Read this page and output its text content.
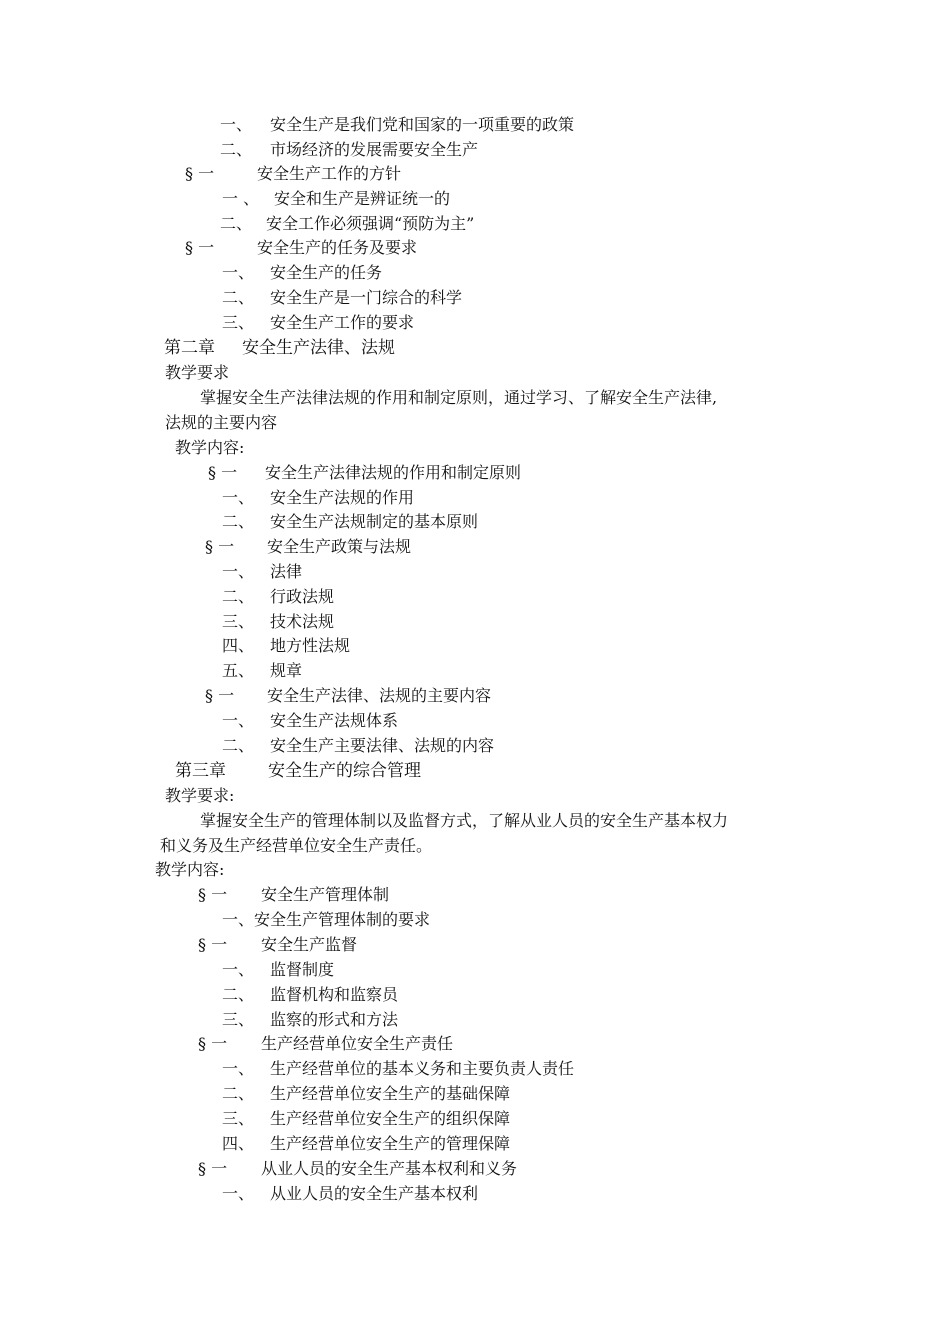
一、 安全生产是我们党和国家的一项重要的政策
二、 市场经济的发展需要安全生产
§ 一	安全生产工作的方针
一 、 安全和生产是辨证统一的
二、 安全工作必须强调“预防为主”
§ 一	安全生产的任务及要求
一、 安全生产的任务
二、 安全生产是一门综合的科学
三、 安全生产工作的要求
第二章 安全生产法律、法规
教学要求
掌握安全生产法律法规的作用和制定原则，通过学习、了解安全生产法律,
法规的主要内容
教学内容:
§ 一 安全生产法律法规的作用和制定原则
一、 安全生产法规的作用
二、 安全生产法规制定的基本原则
§ 一 安全生产政策与法规
一、 法律
二、 行政法规
三、 技术法规
四、 地方性法规
五、 规章
§ 一 安全生产法律、法规的主要内容
一、 安全生产法规体系
二、 安全生产主要法律、法规的内容
第三章 安全生产的综合管理
教学要求:
掌握安全生产的管理体制以及监督方式，了解从业人员的安全生产基本权力
和义务及生产经营单位安全生产责任。
教学内容:
§ 一 安全生产管理体制
一、安全生产管理体制的要求
§ 一 安全生产监督
一、 监督制度
二、 监督机构和监察员
三、 监察的形式和方法
§ 一 生产经营单位安全生产责任
一、 生产经营单位的基本义务和主要负责人责任
二、 生产经营单位安全生产的基础保障
三、 生产经营单位安全生产的组织保障
四、 生产经营单位安全生产的管理保障
§ 一 从业人员的安全生产基本权利和义务
一、 从业人员的安全生产基本权利
